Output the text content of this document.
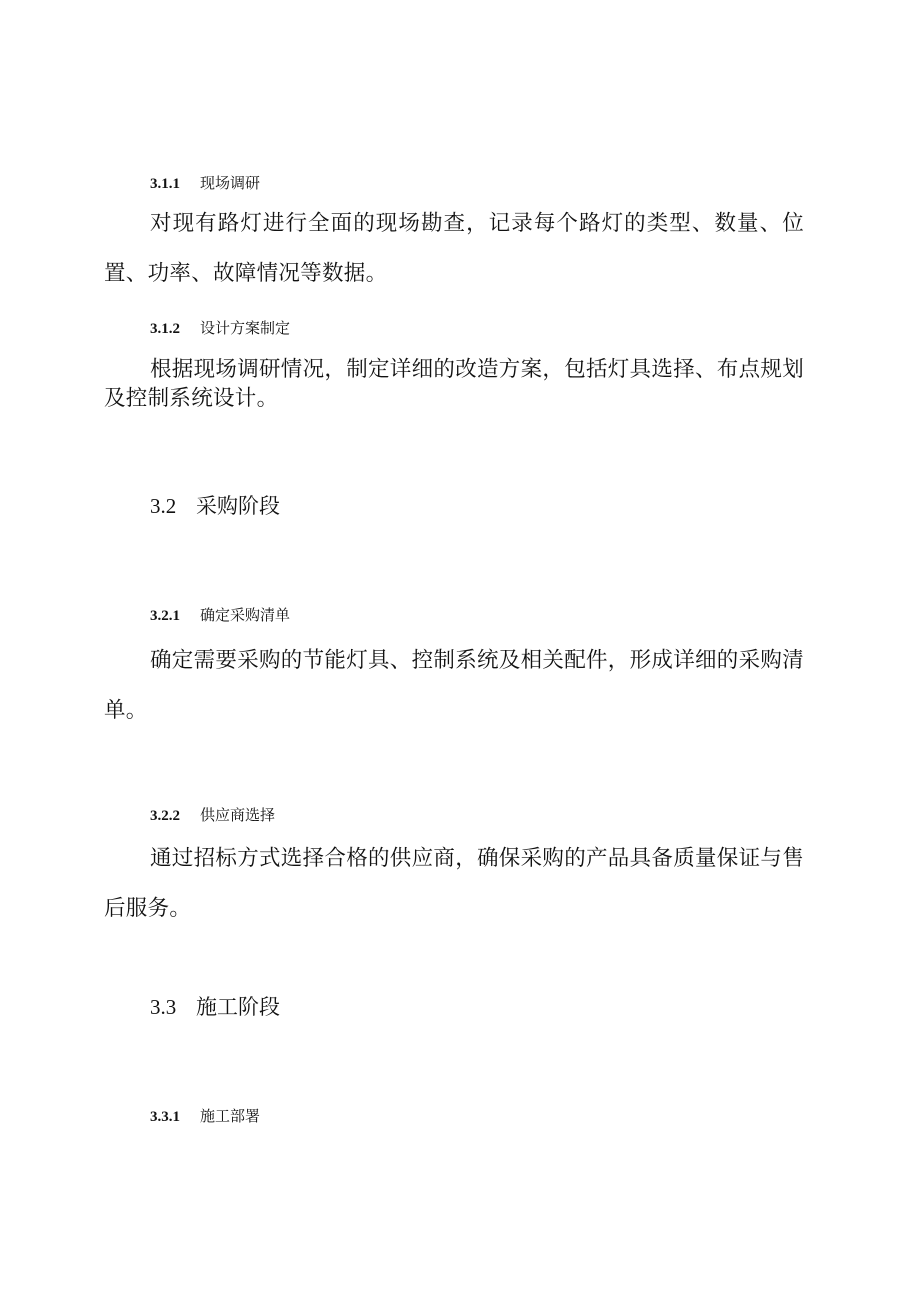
3.1.1 现场调研

对现有路灯进行全面的现场勘查，记录每个路灯的类型、数量、位置、功率、故障情况等数据。

3.1.2 设计方案制定

根据现场调研情况，制定详细的改造方案，包括灯具选择、布点规划及控制系统设计。

3.2 采购阶段
3.2.1 确定采购清单

确定需要采购的节能灯具、控制系统及相关配件，形成详细的采购清单。

3.2.2 供应商选择

通过招标方式选择合格的供应商，确保采购的产品具备质量保证与售后服务。

3.3 施工阶段
3.3.1 施工部署
